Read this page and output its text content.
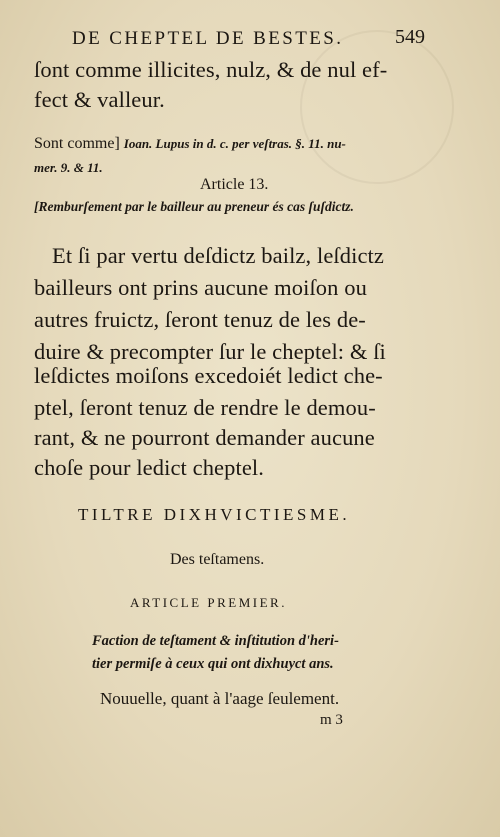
DE CHEPTEL DE BESTES.	549
ſont comme illicites, nulz, & de nul ef-
fect & valleur.
Sont comme] Ioan. Lupus in d. c. per veſtras. §. 11. nu-
mer. 9. & 11.
Article 13.
[Remburſement par le bailleur au preneur és cas ſuſdictz.
Et ſi par vertu deſdictz bailz, leſdictz
bailleurs ont prins aucune moiſon ou
autres fruictz, ſeront tenuz de les de-
duire & precompter ſur le cheptel: & ſi
leſdictes moiſons excedoiét ledict che-
ptel, ſeront tenuz de rendre le demou-
rant, & ne pourront demander aucune
choſe pour ledict cheptel.
TILTRE DIXHVICTIESME.
Des teſtamens.
ARTICLE PREMIER.
Faction de teſtament & inſtitution d'heri-
tier permiſe à ceux qui ont dixhuyct ans.
Nouuelle, quant à l'aage ſeulement.
m 3
